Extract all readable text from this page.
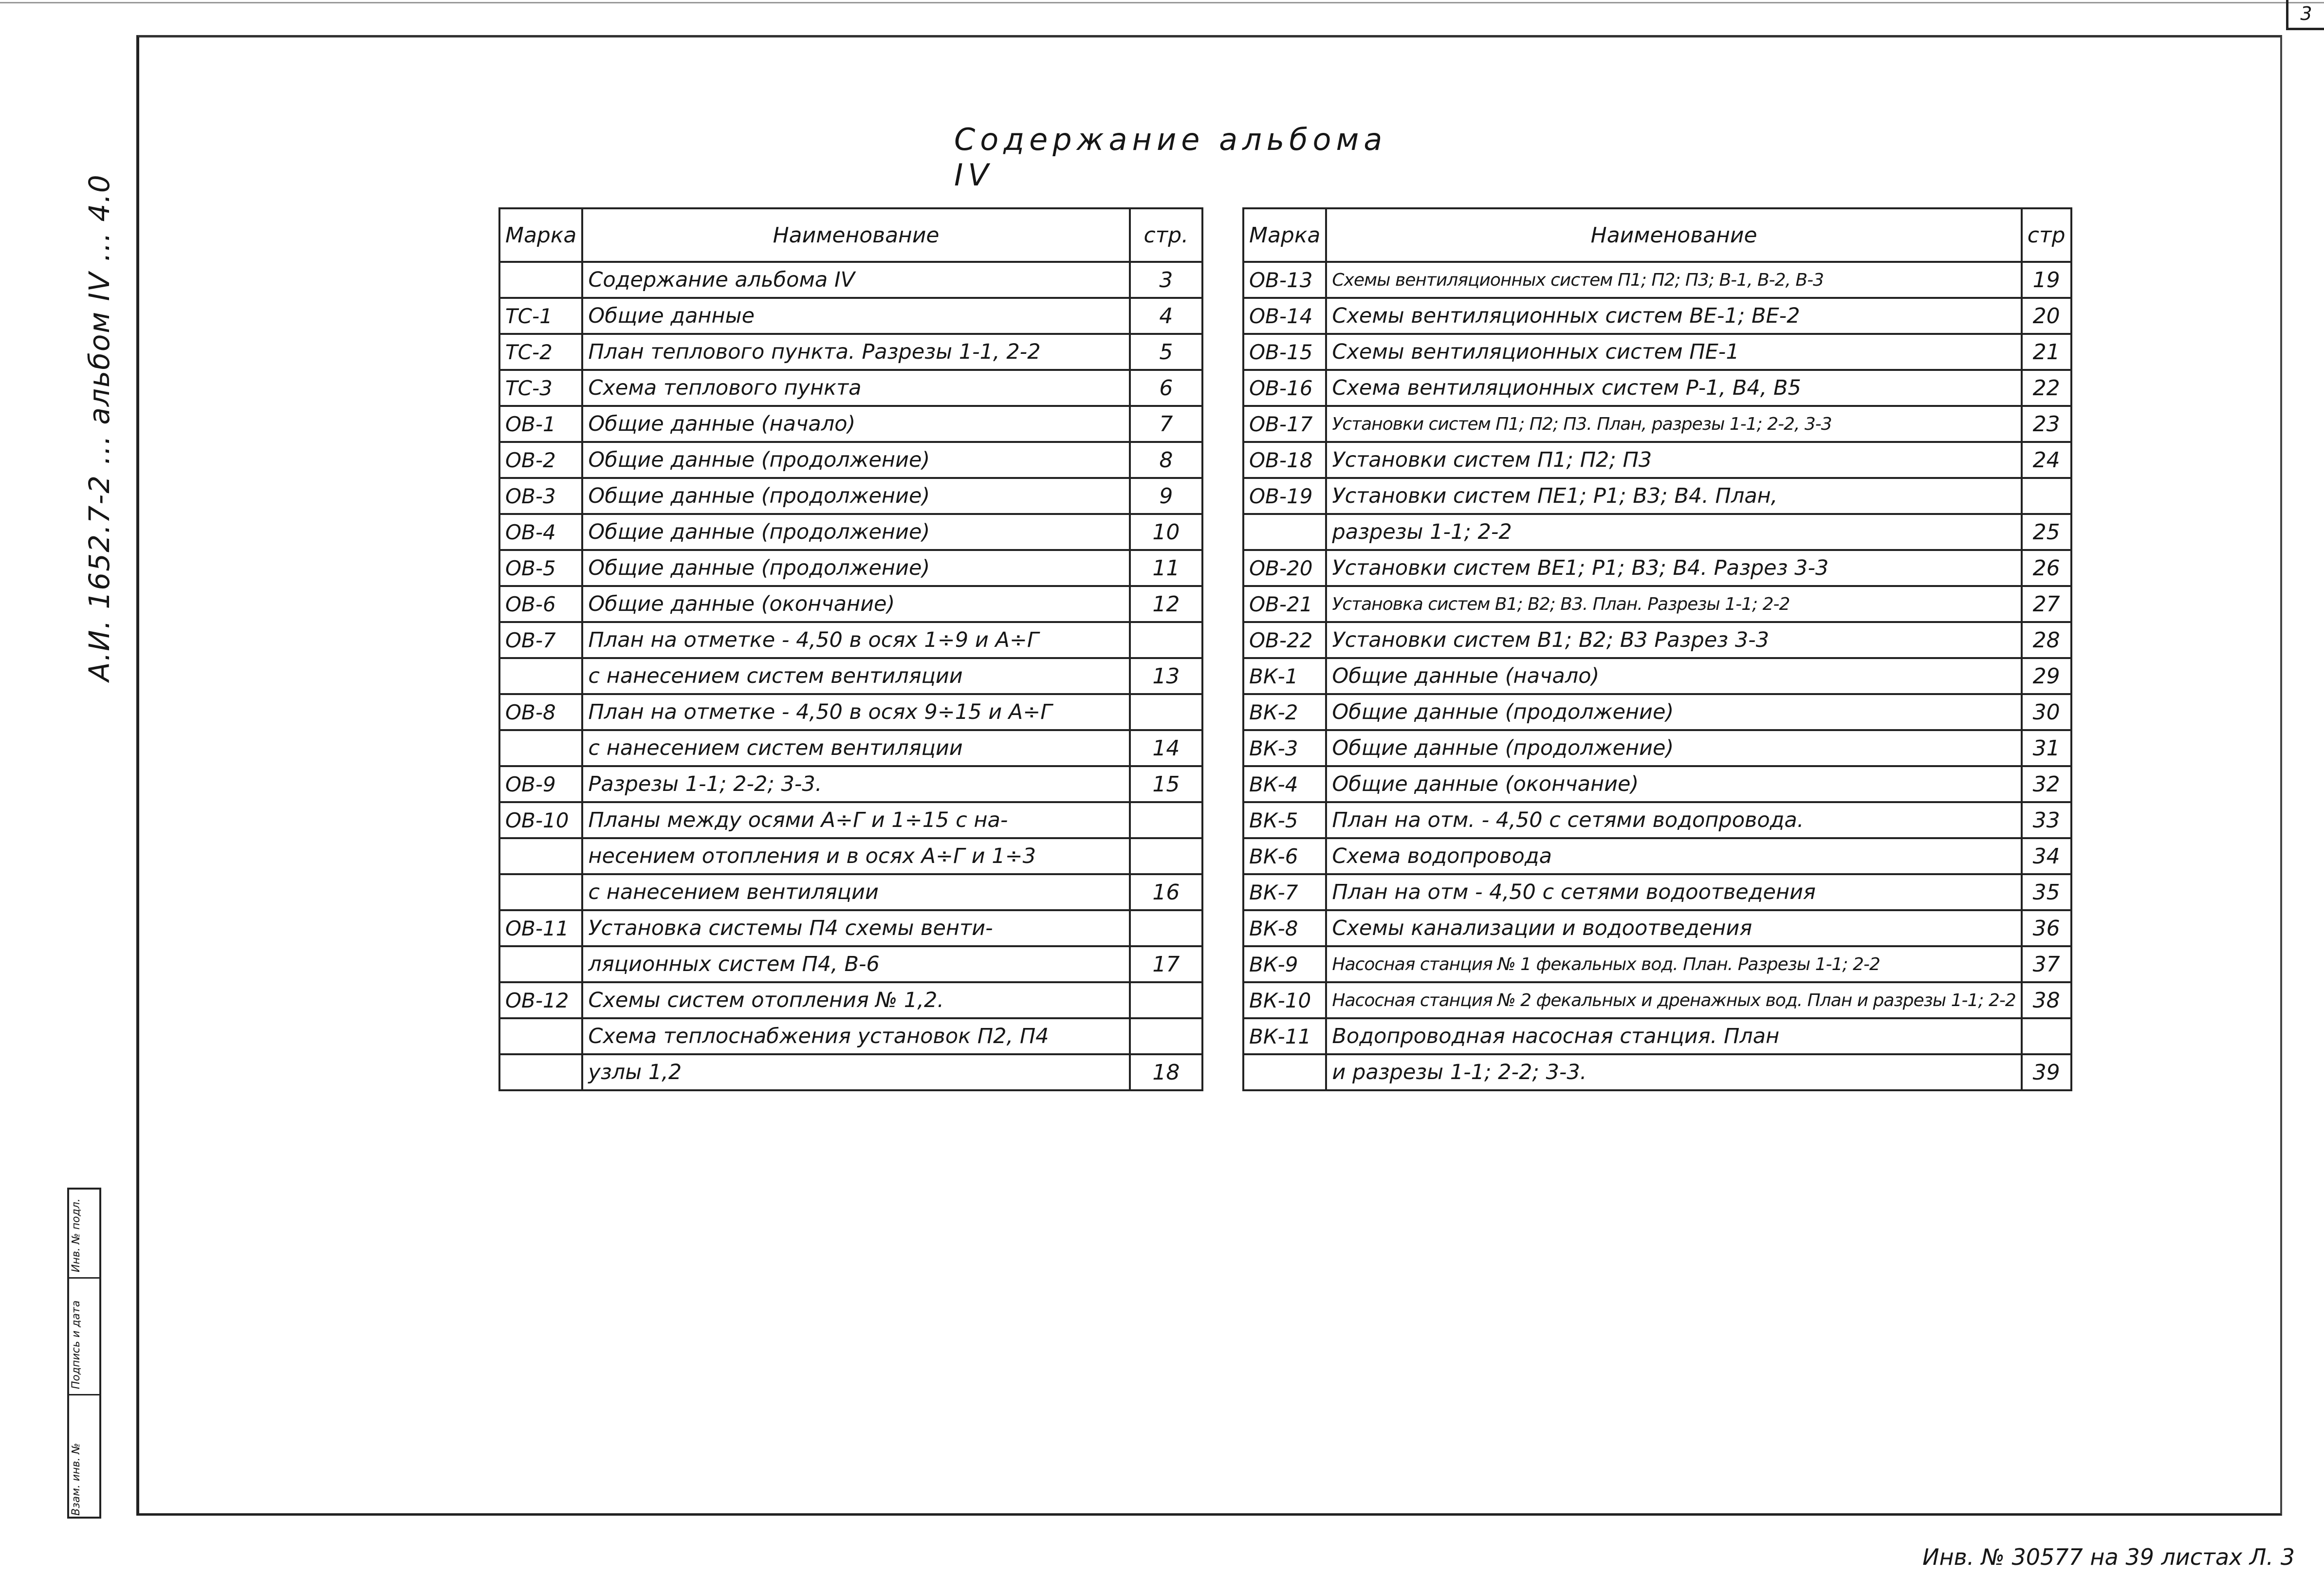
3
А.И. 1652.7-2 ... альбом IV ... 4.0
Содержание альбома IV
Марка	Наименование	стр.
	Содержание альбома IV	3
ТС-1	Общие данные	4
ТС-2	План теплового пункта. Разрезы 1-1, 2-2	5
ТС-3	Схема теплового пункта	6
ОВ-1	Общие данные (начало)	7
ОВ-2	Общие данные (продолжение)	8
ОВ-3	Общие данные (продолжение)	9
ОВ-4	Общие данные (продолжение)	10
ОВ-5	Общие данные (продолжение)	11
ОВ-6	Общие данные (окончание)	12
ОВ-7	План на отметке - 4,50 в осях 1÷9 и А÷Г	
	с нанесением систем вентиляции	13
ОВ-8	План на отметке - 4,50 в осях 9÷15 и А÷Г	
	с нанесением систем вентиляции	14
ОВ-9	Разрезы 1-1; 2-2; 3-3.	15
ОВ-10	Планы между осями А÷Г и 1÷15 с на-	
	несением отопления и в осях А÷Г и 1÷3	
	с нанесением вентиляции	16
ОВ-11	Установка системы П4 схемы венти-	
	ляционных систем П4, В-6	17
ОВ-12	Схемы систем отопления № 1,2.	
	Схема теплоснабжения установок П2, П4	
	узлы 1,2	18
Марка	Наименование	стр
ОВ-13	Схемы вентиляционных систем П1; П2; П3; В-1, В-2, В-3	19
ОВ-14	Схемы вентиляционных систем ВЕ-1; ВЕ-2	20
ОВ-15	Схемы вентиляционных систем ПЕ-1	21
ОВ-16	Схема вентиляционных систем Р-1, В4, В5	22
ОВ-17	Установки систем П1; П2; П3. План, разрезы 1-1; 2-2, 3-3	23
ОВ-18	Установки систем П1; П2; П3	24
ОВ-19	Установки систем ПЕ1; Р1; В3; В4. План,	
	разрезы 1-1; 2-2	25
ОВ-20	Установки систем ВЕ1; Р1; В3; В4. Разрез 3-3	26
ОВ-21	Установка систем В1; В2; В3. План. Разрезы 1-1; 2-2	27
ОВ-22	Установки систем В1; В2; В3 Разрез 3-3	28
ВК-1	Общие данные (начало)	29
ВК-2	Общие данные (продолжение)	30
ВК-3	Общие данные (продолжение)	31
ВК-4	Общие данные (окончание)	32
ВК-5	План на отм. - 4,50 с сетями водопровода.	33
ВК-6	Схема водопровода	34
ВК-7	План на отм - 4,50 с сетями водоотведения	35
ВК-8	Схемы канализации и водоотведения	36
ВК-9	Насосная станция № 1 фекальных вод. План. Разрезы 1-1; 2-2	37
ВК-10	Насосная станция № 2 фекальных и дренажных вод. План и разрезы 1-1; 2-2	38
ВК-11	Водопроводная насосная станция. План	
	и разрезы 1-1; 2-2; 3-3.	39
Инв. № подл.
Подпись и дата
Взам. инв. №
Инв. № 30577 на 39 листах Л. 3
